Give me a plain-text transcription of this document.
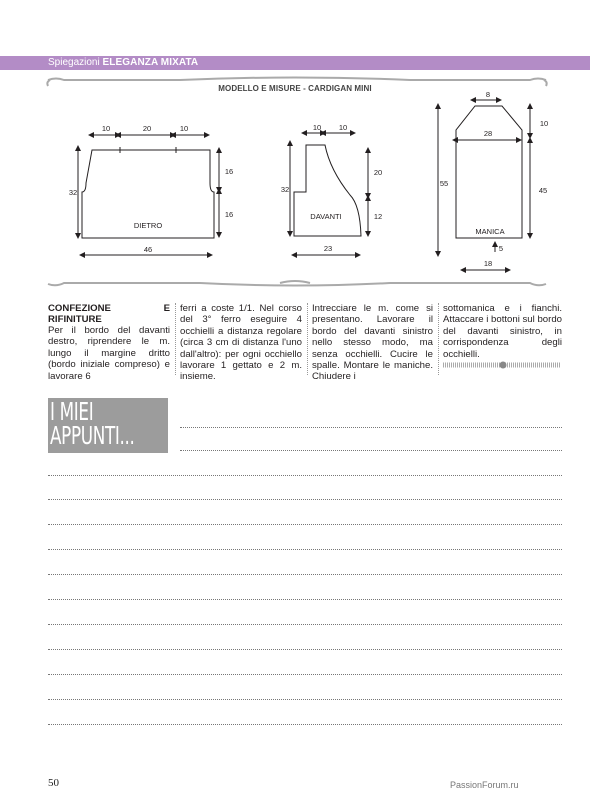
Spiegazioni ELEGANZA MIXATA
MODELLO E MISURE - CARDIGAN MINI
10	20	10
32
16
16
46
DIETRO
10 10
32
20
12
23
DAVANTI
8
28
10
55
45
18
5
MANICA
CONFEZIONE E RIFINITURE
Per il bordo del davanti destro, riprendere le m. lungo il margine dritto (bordo iniziale compreso) e lavorare 6
ferri a coste 1/1. Nel corso del 3° ferro eseguire 4 occhielli a distanza regolare (circa 3 cm di distanza l'uno dall'altro): per ogni occhiello lavorare 1 gettato e 2 m. insieme.
Intrecciare le m. come si presentano. Lavorare il bordo del davanti sinistro nello stesso modo, ma senza occhielli. Cucire le spalle. Montare le maniche. Chiudere i
sottomanica e i fianchi. Attaccare i bottoni sul bordo del davanti sinistro, in corrispondenza degli occhielli.
I MIEI
APPUNTI...
50	PassionForum.ru
